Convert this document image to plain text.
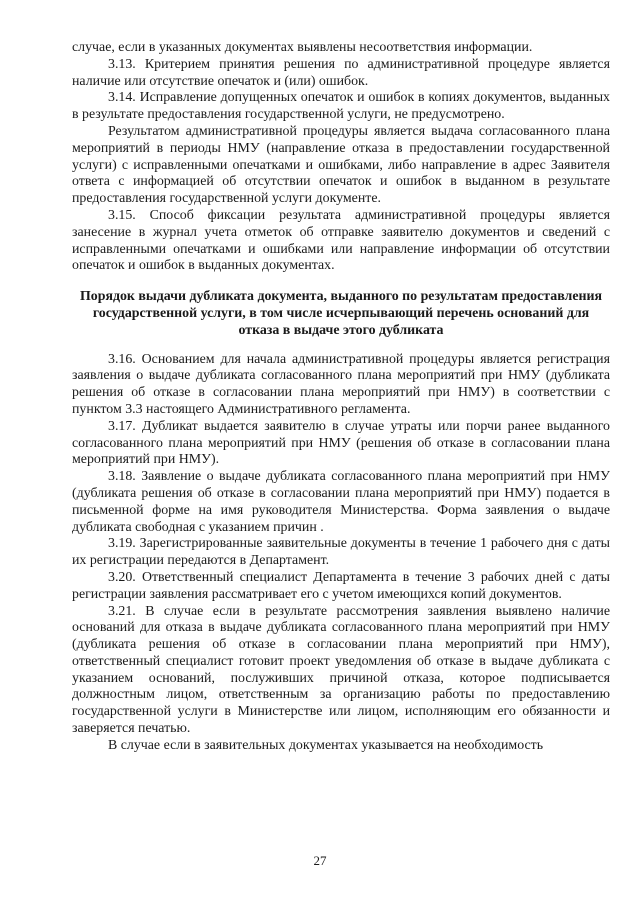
случае, если в указанных документах выявлены несоответствия информации.

3.13. Критерием принятия решения по административной процедуре является наличие или отсутствие опечаток и (или) ошибок.

3.14. Исправление допущенных опечаток и ошибок в копиях документов, выданных в результате предоставления государственной услуги, не предусмотрено.

Результатом административной процедуры является выдача согласованного плана мероприятий в периоды НМУ (направление отказа в предоставлении государственной услуги) с исправленными опечатками и ошибками, либо направление в адрес Заявителя ответа с информацией об отсутствии опечаток и ошибок в выданном в результате предоставления государственной услуги документе.

3.15. Способ фиксации результата административной процедуры является занесение в журнал учета отметок об отправке заявителю документов и сведений с исправленными опечатками и ошибками или направление информации об отсутствии опечаток и ошибок в выданных документах.

Порядок выдачи дубликата документа, выданного по результатам предоставления государственной услуги, в том числе исчерпывающий перечень оснований для отказа в выдаче этого дубликата

3.16. Основанием для начала административной процедуры является регистрация заявления о выдаче дубликата согласованного плана мероприятий при НМУ (дубликата решения об отказе в согласовании плана мероприятий при НМУ) в соответствии с пунктом 3.3 настоящего Административного регламента.

3.17. Дубликат выдается заявителю в случае утраты или порчи ранее выданного согласованного плана мероприятий при НМУ (решения об отказе в согласовании плана мероприятий при НМУ).

3.18. Заявление о выдаче дубликата согласованного плана мероприятий при НМУ (дубликата решения об отказе в согласовании плана мероприятий при НМУ) подается в письменной форме на имя руководителя Министерства. Форма заявления о выдаче дубликата свободная с указанием причин .

3.19. Зарегистрированные заявительные документы в течение 1 рабочего дня с даты их регистрации передаются в Департамент.

3.20. Ответственный специалист Департамента в течение 3 рабочих дней с даты регистрации заявления рассматривает его с учетом имеющихся копий документов.

3.21. В случае если в результате рассмотрения заявления выявлено наличие оснований для отказа в выдаче дубликата согласованного плана мероприятий при НМУ (дубликата решения об отказе в согласовании плана мероприятий при НМУ), ответственный специалист готовит проект уведомления об отказе в выдаче дубликата с указанием оснований, послуживших причиной отказа, которое подписывается должностным лицом, ответственным за организацию работы по предоставлению государственной услуги в Министерстве или лицом, исполняющим его обязанности и заверяется печатью.

В случае если в заявительных документах указывается на необходимость

27
